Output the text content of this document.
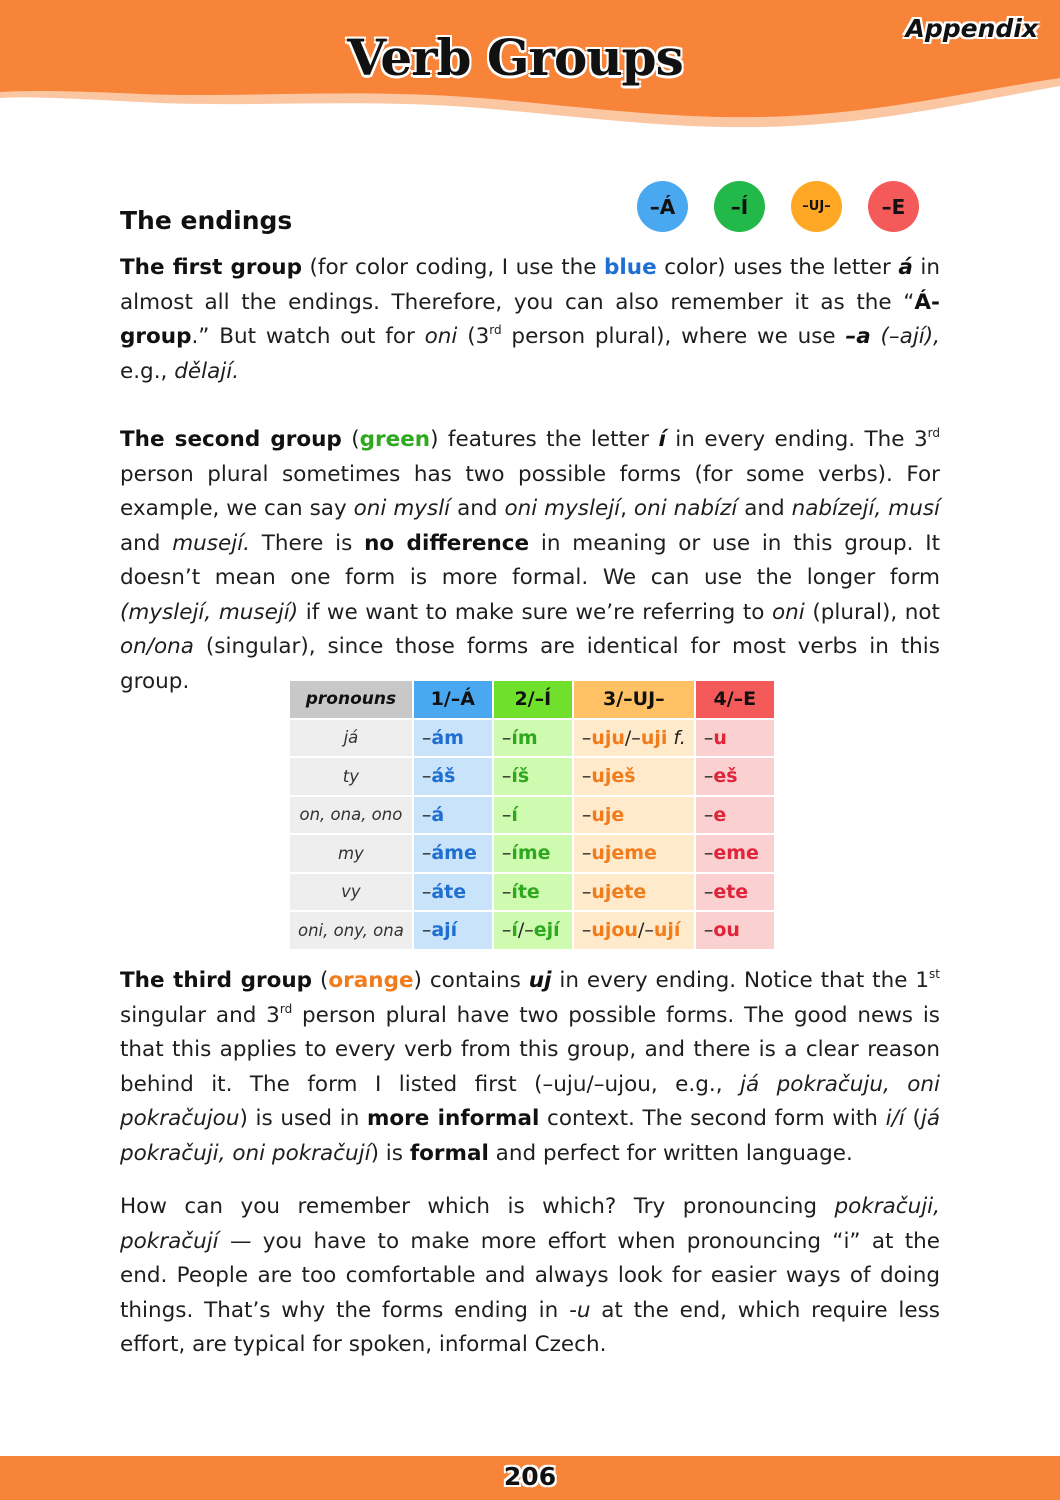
Verb Groups	Appendix
–Á	–Í	–UJ–	–E
The endings

The first group (for color coding, I use the blue color) uses the letter á in almost all the endings. Therefore, you can also remember it as the “Á-group.” But watch out for oni (3rd person plural), where we use –a (–ají), e.g., dělají.

The second group (green) features the letter í in every ending. The 3rd person plural sometimes has two possible forms (for some verbs). For example, we can say oni myslí and oni myslejí, oni nabízí and nabízejí, musí and musejí. There is no difference in meaning or use in this group. It doesn’t mean one form is more formal. We can use the longer form (myslejí, musejí) if we want to make sure we’re referring to oni (plural), not on/ona (singular), since those forms are identical for most verbs in this group.

pronouns	1/–Á	2/–Í	3/–UJ–	4/–E
já	–ám	–ím	–uju/–uji f.	–u
ty	–áš	–íš	–uješ	–eš
on, ona, ono	–á	–í	–uje	–e
my	–áme	–íme	–ujeme	–eme
vy	–áte	–íte	–ujete	–ete
oni, ony, ona	–ají	–í/–ejí	–ujou/–ují	–ou

The third group (orange) contains uj in every ending. Notice that the 1st singular and 3rd person plural have two possible forms. The good news is that this applies to every verb from this group, and there is a clear reason behind it. The form I listed first (–uju/–ujou, e.g., já pokračuju, oni pokračujou) is used in more informal context. The second form with i/í (já pokračuji, oni pokračují) is formal and perfect for written language.

How can you remember which is which? Try pronouncing pokračuji, pokračují — you have to make more effort when pronouncing “i” at the end. People are too comfortable and always look for easier ways of doing things. That’s why the forms ending in -u at the end, which require less effort, are typical for spoken, informal Czech.

206
